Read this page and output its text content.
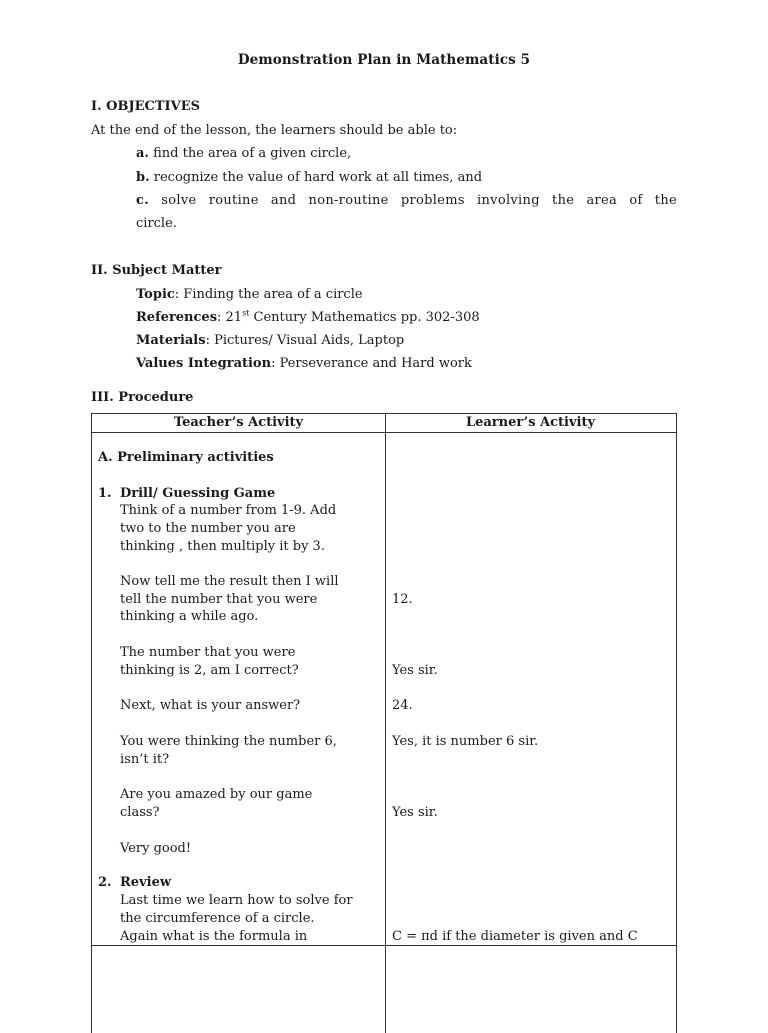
Demonstration Plan in Mathematics 5
I. OBJECTIVES
At the end of the lesson, the learners should be able to:
a. find the area of a given circle,
b. recognize the value of hard work at all times, and
c. solve routine and non-routine problems involving the area of the
circle.
II. Subject Matter
Topic: Finding the area of a circle
References: 21st Century Mathematics pp. 302-308
Materials: Pictures/ Visual Aids, Laptop
Values Integration: Perseverance and Hard work
III. Procedure
Teacher’s Activity	Learner’s Activity
A. Preliminary activities
1. Drill/ Guessing Game
Think of a number from 1-9. Add
two to the number you are
thinking , then multiply it by 3.
Now tell me the result then I will
tell the number that you were
thinking a while ago.
The number that you were
thinking is 2, am I correct?
Next, what is your answer?
You were thinking the number 6,
isn’t it?
Are you amazed by our game
class?
Very good!
2. Review
Last time we learn how to solve for
the circumference of a circle.
Again what is the formula in
12.
Yes sir.
24.
Yes, it is number 6 sir.
Yes sir.
C = πd if the diameter is given and C
